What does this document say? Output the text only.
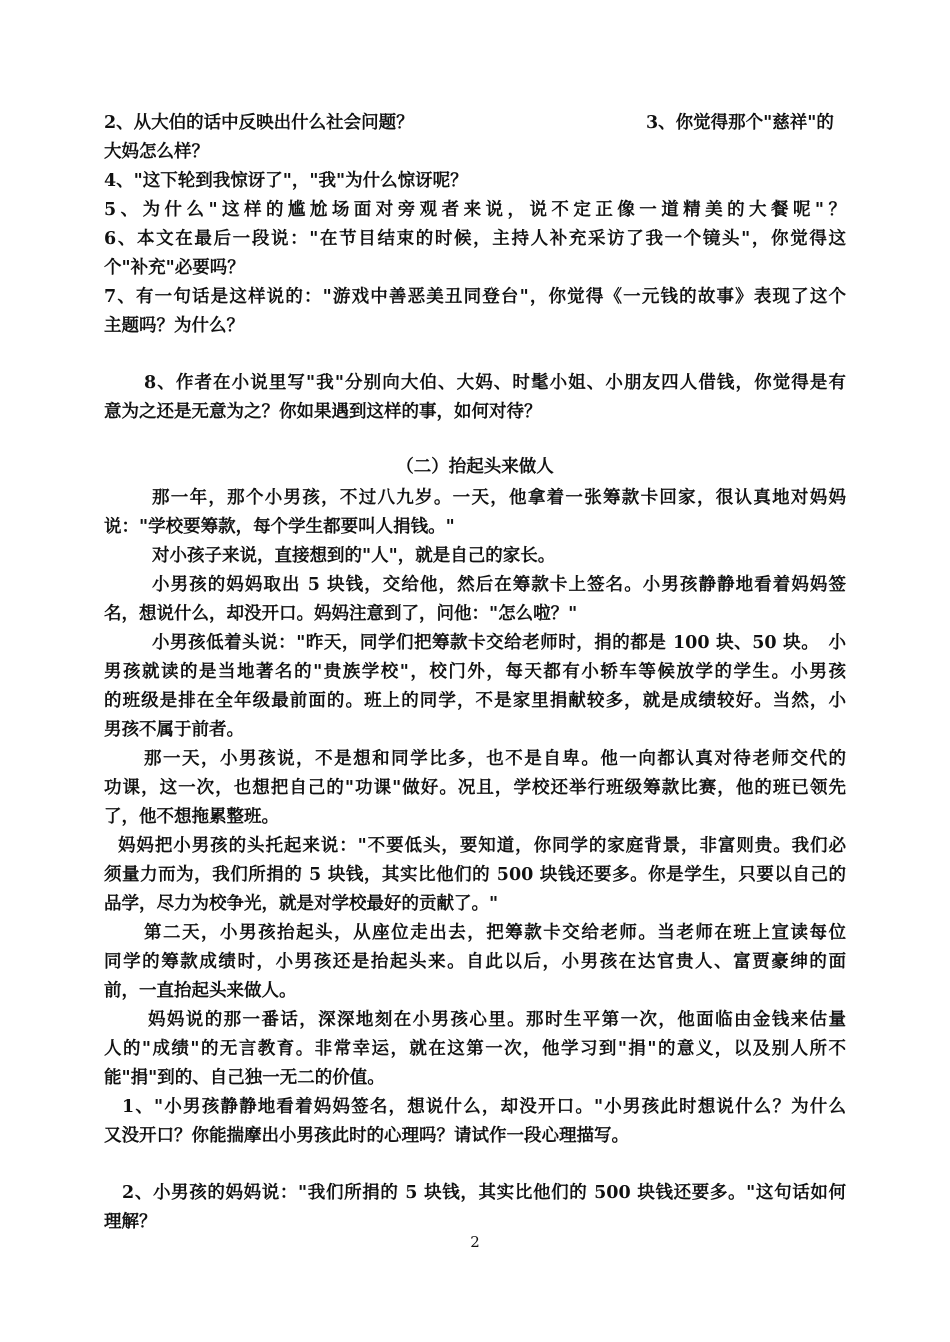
2、从大伯的话中反映出什么社会问题？	3、你觉得那个"慈祥"的
大妈怎么样？
4、"这下轮到我惊讶了"，"我"为什么惊讶呢？
5、为什么"这样的尴尬场面对旁观者来说，说不定正像一道精美的大餐呢"？
6、本文在最后一段说："在节目结束的时候，主持人补充采访了我一个镜头"，你觉得这
个"补充"必要吗？
7、有一句话是这样说的："游戏中善恶美丑同登台"，你觉得《一元钱的故事》表现了这个
主题吗？为什么？
8、作者在小说里写"我"分别向大伯、大妈、时髦小姐、小朋友四人借钱，你觉得是有
意为之还是无意为之？你如果遇到这样的事，如何对待？
（二）抬起头来做人
那一年，那个小男孩，不过八九岁。一天，他拿着一张筹款卡回家，很认真地对妈妈
说："学校要筹款，每个学生都要叫人捐钱。"
对小孩子来说，直接想到的"人"，就是自己的家长。
小男孩的妈妈取出 5 块钱，交给他，然后在筹款卡上签名。小男孩静静地看着妈妈签
名，想说什么，却没开口。妈妈注意到了，问他："怎么啦？"
小男孩低着头说："昨天，同学们把筹款卡交给老师时，捐的都是 100 块、50 块。　小
男孩就读的是当地著名的"贵族学校"，校门外，每天都有小轿车等候放学的学生。小男孩
的班级是排在全年级最前面的。班上的同学，不是家里捐献较多，就是成绩较好。当然，小
男孩不属于前者。
那一天，小男孩说，不是想和同学比多，也不是自卑。他一向都认真对待老师交代的
功课，这一次，也想把自己的"功课"做好。况且，学校还举行班级筹款比赛，他的班已领先
了，他不想拖累整班。
妈妈把小男孩的头托起来说："不要低头，要知道，你同学的家庭背景，非富则贵。我们必
须量力而为，我们所捐的 5 块钱，其实比他们的 500 块钱还要多。你是学生，只要以自己的
品学，尽力为校争光，就是对学校最好的贡献了。"
第二天，小男孩抬起头，从座位走出去，把筹款卡交给老师。当老师在班上宣读每位
同学的筹款成绩时，小男孩还是抬起头来。自此以后，小男孩在达官贵人、富贾豪绅的面
前，一直抬起头来做人。
妈妈说的那一番话，深深地刻在小男孩心里。那时生平第一次，他面临由金钱来估量
人的"成绩"的无言教育。非常幸运，就在这第一次，他学习到"捐"的意义，以及别人所不
能"捐"到的、自己独一无二的价值。
1、"小男孩静静地看着妈妈签名，想说什么，却没开口。"小男孩此时想说什么？为什么
又没开口？你能揣摩出小男孩此时的心理吗？请试作一段心理描写。
2、小男孩的妈妈说："我们所捐的 5 块钱，其实比他们的 500 块钱还要多。"这句话如何
理解？
2
